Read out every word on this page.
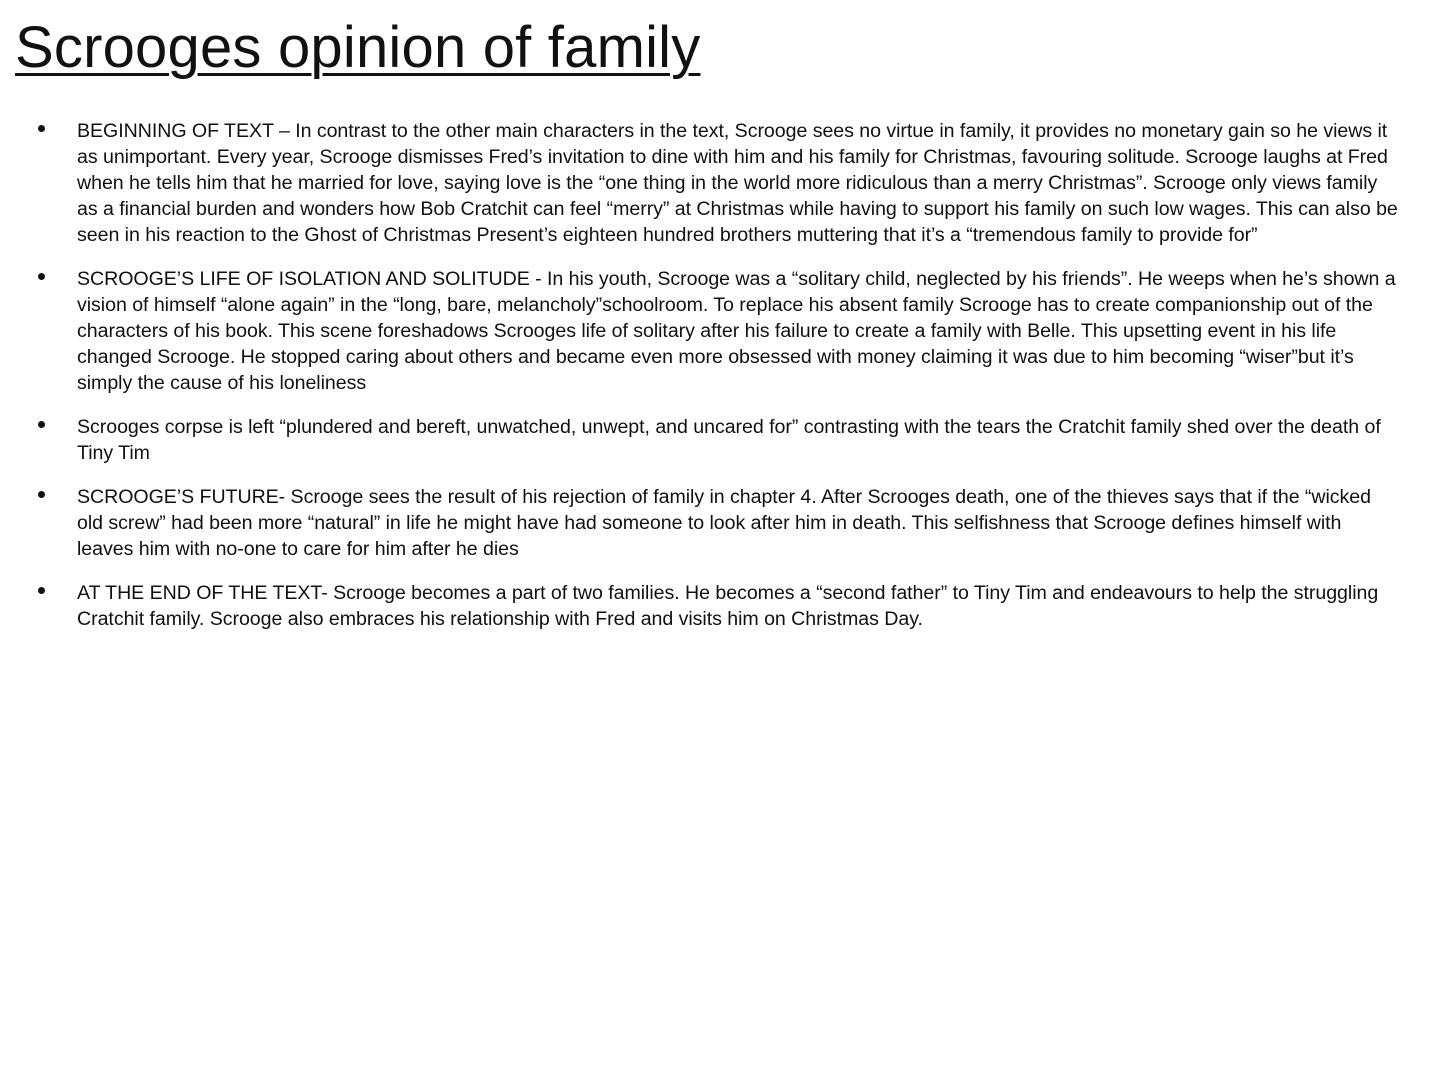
Scrooges opinion of family
BEGINNING OF TEXT – In contrast to the other main characters in the text, Scrooge sees no virtue in family, it provides no monetary gain so he views it as unimportant. Every year, Scrooge dismisses Fred’s invitation to dine with him and his family for Christmas, favouring solitude. Scrooge laughs at Fred when he tells him that he married for love, saying love is the “one thing in the world more ridiculous than a merry Christmas”. Scrooge only views family as a financial burden and wonders how Bob Cratchit can feel “merry” at Christmas while having to support his family on such low wages. This can also be seen in his reaction to the Ghost of Christmas Present’s eighteen hundred brothers muttering that it’s a “tremendous family to provide for”
SCROOGE’S LIFE OF ISOLATION AND SOLITUDE - In his youth, Scrooge was a “solitary child, neglected by his friends”. He weeps when he’s shown a vision of himself “alone again” in the “long, bare, melancholy”schoolroom. To replace his absent family Scrooge has to create companionship out of the characters of his book. This scene foreshadows Scrooges life of solitary after his failure to create a family with Belle. This upsetting event in his life changed Scrooge. He stopped caring about others and became even more obsessed with money claiming it was due to him becoming “wiser”but it’s simply the cause of his loneliness
Scrooges corpse is left “plundered and bereft, unwatched, unwept, and uncared for” contrasting with the tears the Cratchit family shed over the death of Tiny Tim
SCROOGE’S FUTURE- Scrooge sees the result of his rejection of family in chapter 4. After Scrooges death, one of the thieves says that if the “wicked old screw” had been more “natural” in life he might have had someone to look after him in death. This selfishness that Scrooge defines himself with leaves him with no-one to care for him after he dies
AT THE END OF THE TEXT- Scrooge becomes a part of two families. He becomes a “second father” to Tiny Tim and endeavours to help the struggling Cratchit family. Scrooge also embraces his relationship with Fred and visits him on Christmas Day.
